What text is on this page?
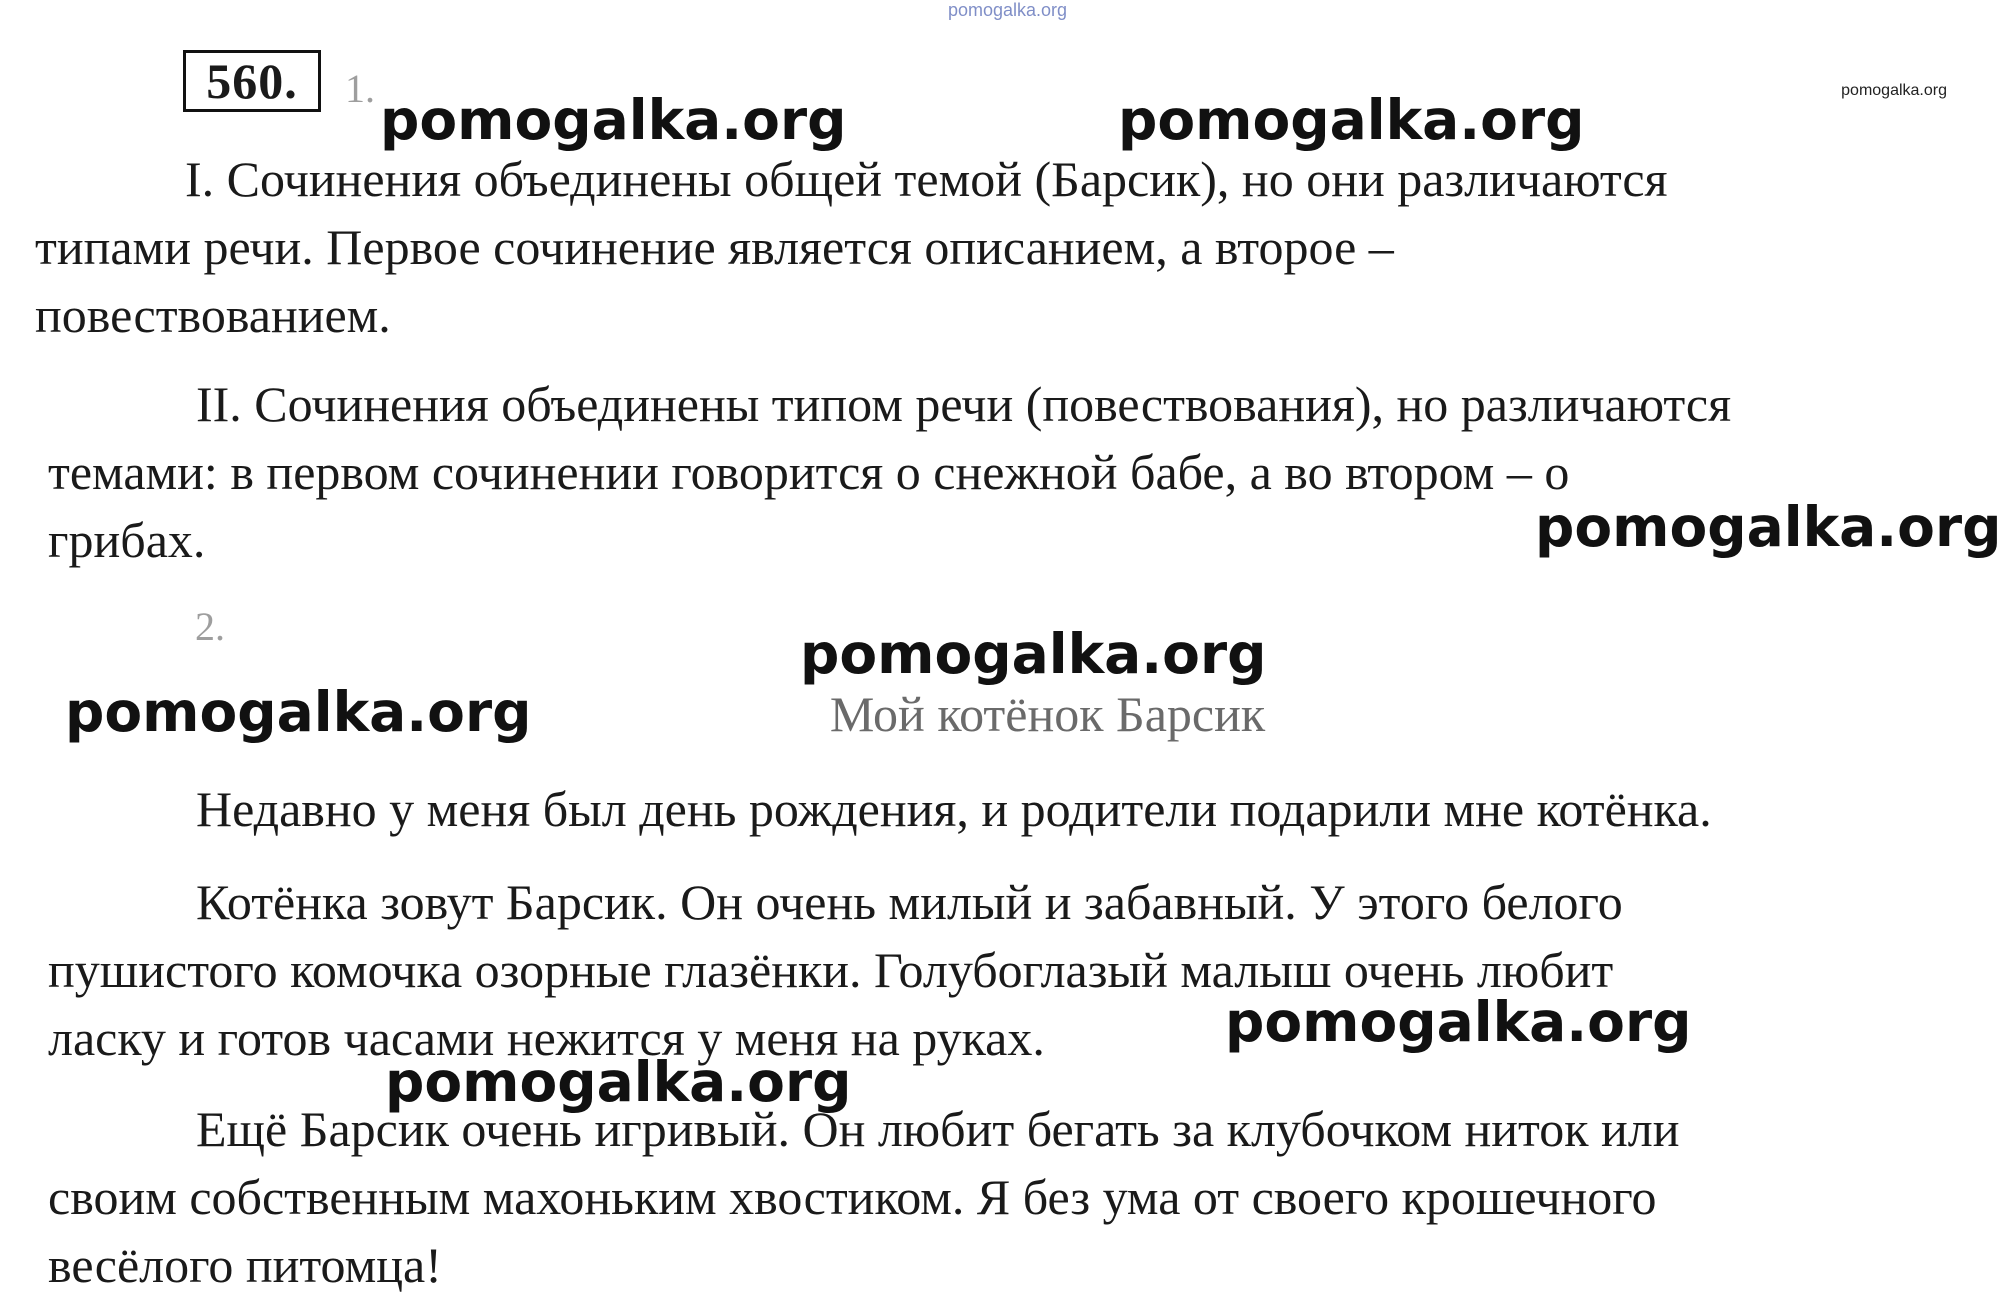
pomogalka.org
pomogalka.org
560.	1.
I. Сочинения объединены общей темой (Барсик), но они различаются
типами речи. Первое сочинение является описанием, а второе –
повествованием.
II. Сочинения объединены типом речи (повествования), но различаются
темами: в первом сочинении говорится о снежной бабе, а во втором – о
грибах.
2.
Мой котёнок Барсик
Недавно у меня был день рождения, и родители подарили мне котёнка.
Котёнка зовут Барсик. Он очень милый и забавный. У этого белого
пушистого комочка озорные глазёнки. Голубоглазый малыш очень любит
ласку и готов часами нежится у меня на руках.
Ещё Барсик очень игривый. Он любит бегать за клубочком ниток или
своим собственным махоньким хвостиком. Я без ума от своего крошечного
весёлого питомца!
pomogalka.org	pomogalka.org
pomogalka.org
pomogalka.org
pomogalka.org
pomogalka.org
pomogalka.org
